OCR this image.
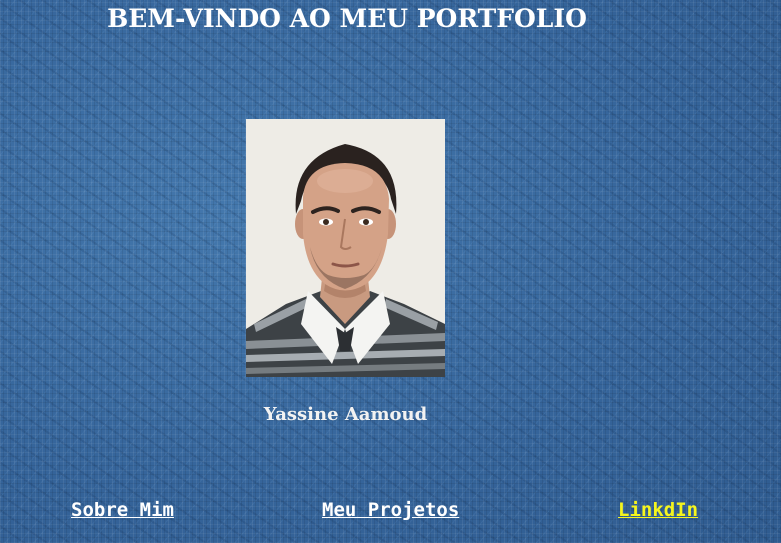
BEM-VINDO AO MEU PORTFOLIO
Yassine Aamoud
Sobre Mim	Meu Projetos	LinkdIn
